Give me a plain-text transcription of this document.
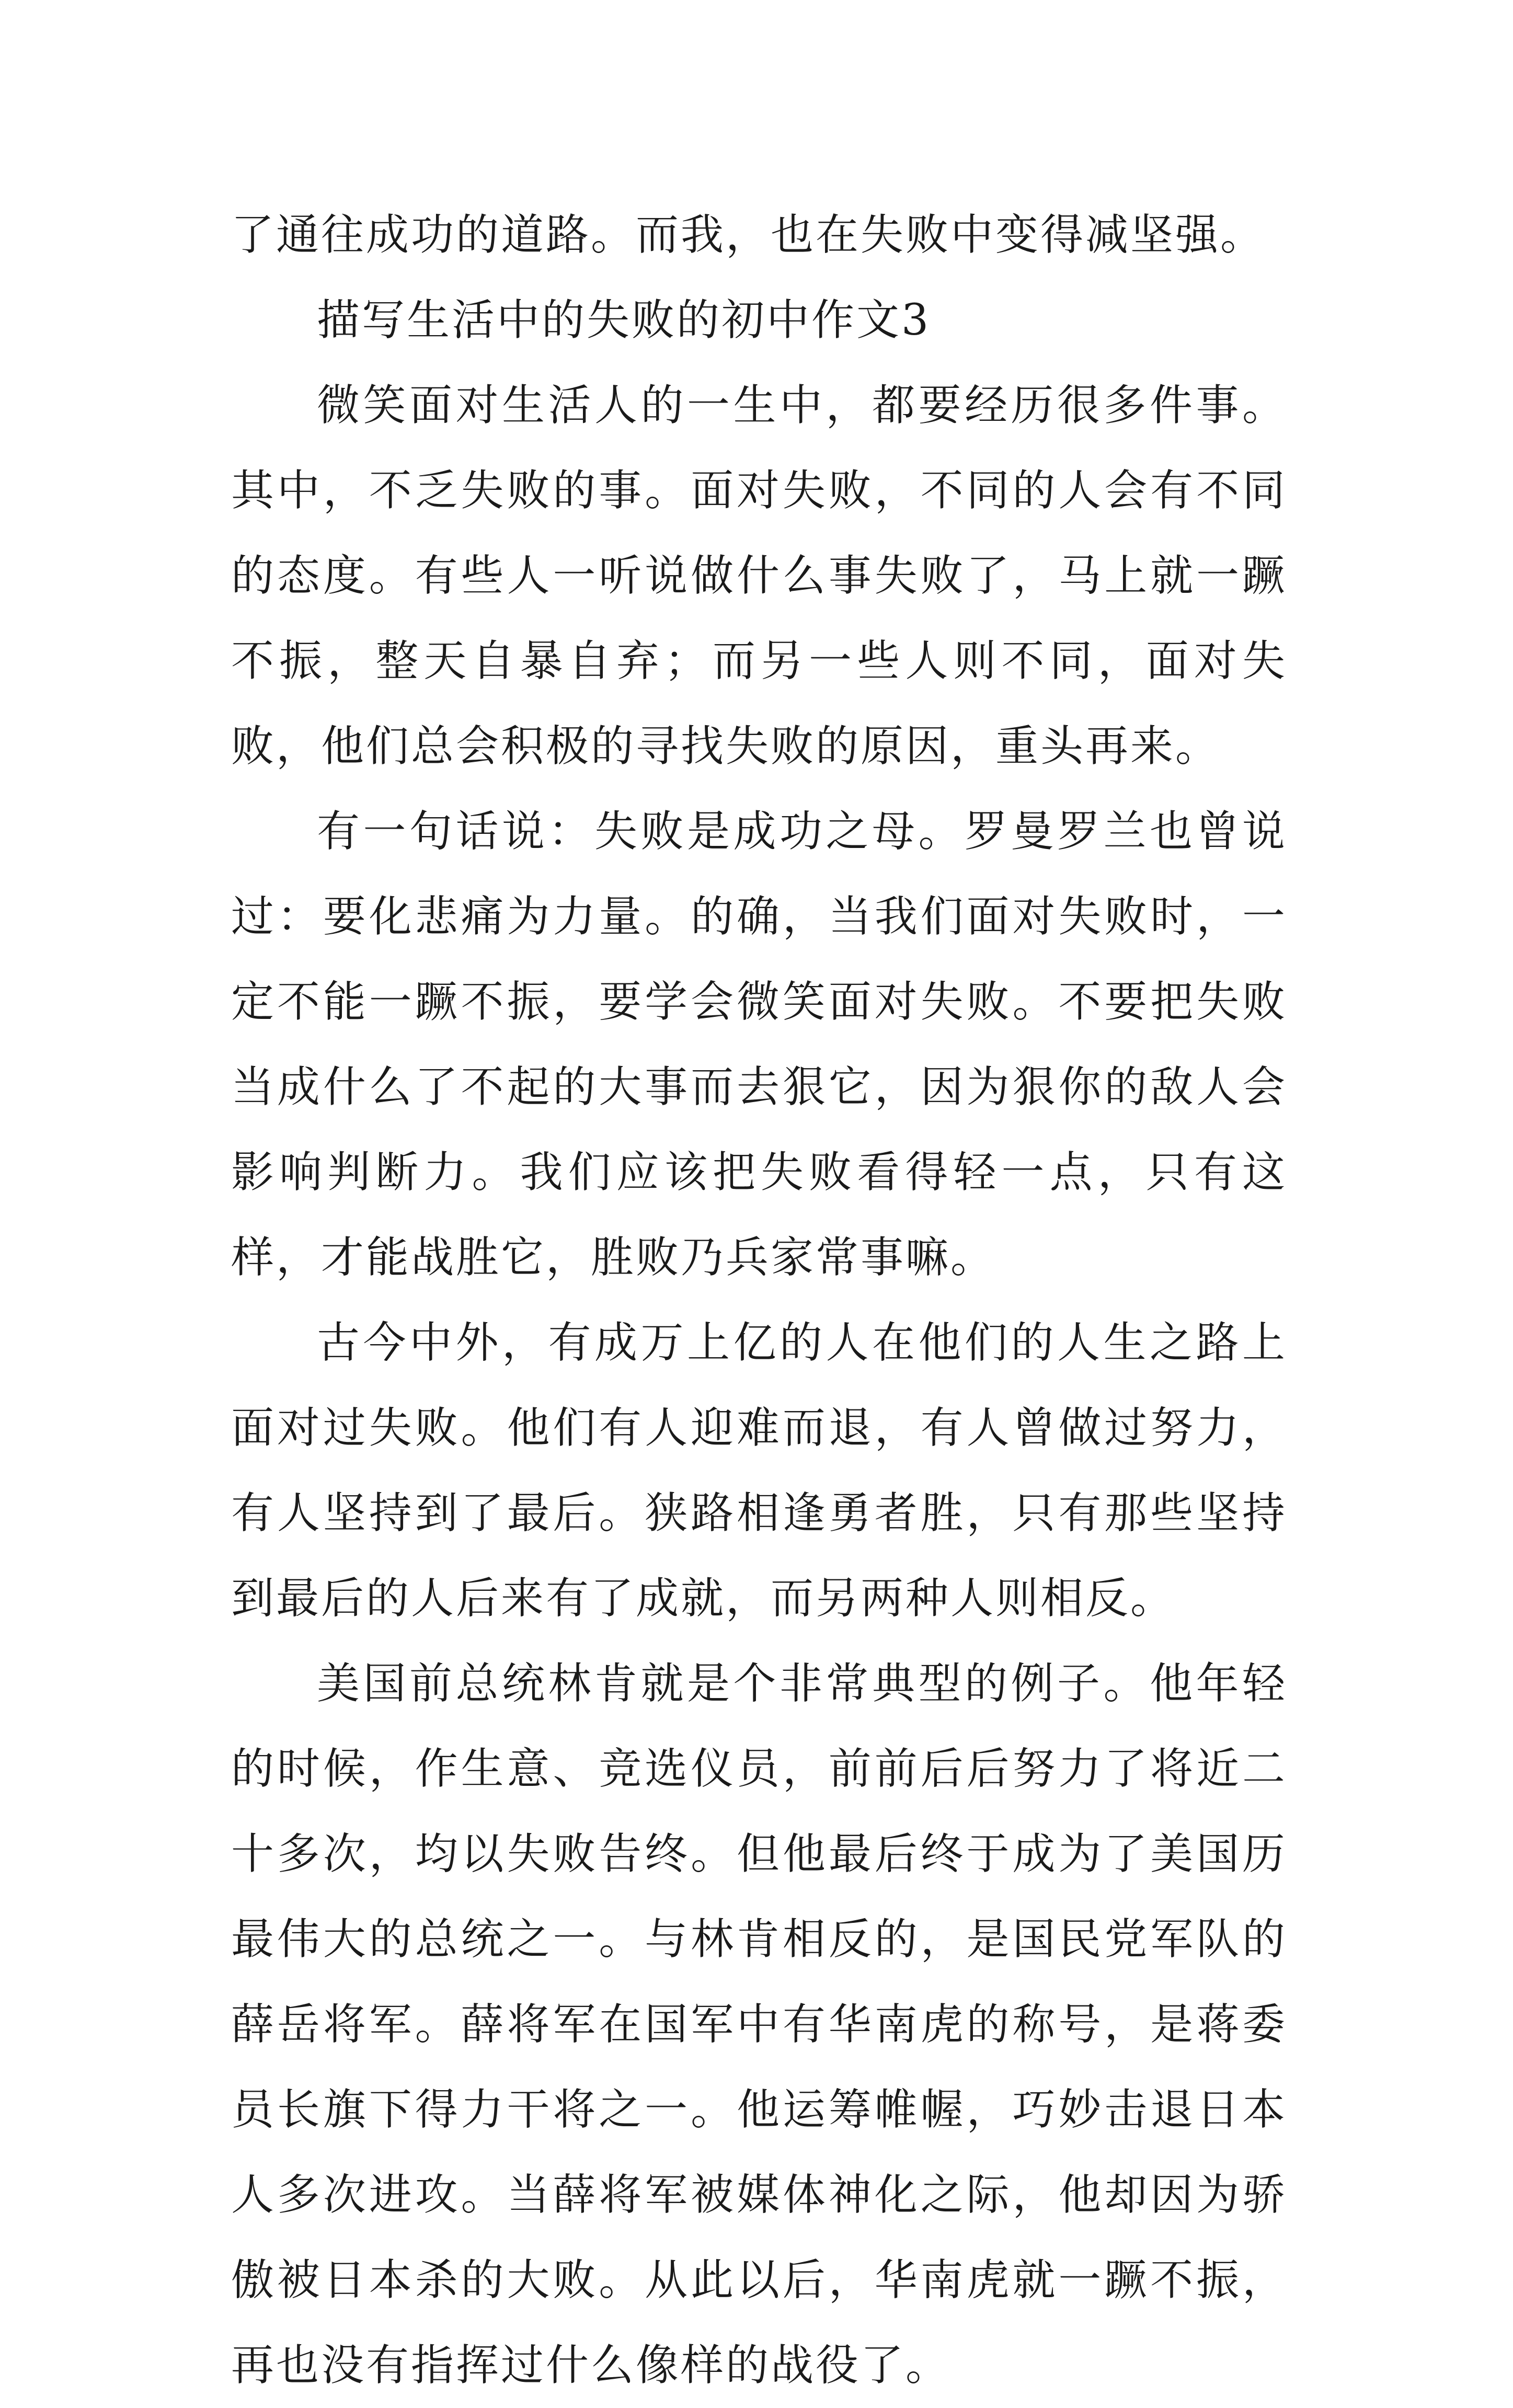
了通往成功的道路。而我，也在失败中变得减坚强。

描写生活中的失败的初中作文3

微笑面对生活人的一生中，都要经历很多件事。其中，不乏失败的事。面对失败，不同的人会有不同的态度。有些人一听说做什么事失败了，马上就一蹶不振，整天自暴自弃；而另一些人则不同，面对失败，他们总会积极的寻找失败的原因，重头再来。

有一句话说：失败是成功之母。罗曼罗兰也曾说过：要化悲痛为力量。的确，当我们面对失败时，一定不能一蹶不振，要学会微笑面对失败。不要把失败当成什么了不起的大事而去狠它，因为狠你的敌人会影响判断力。我们应该把失败看得轻一点，只有这样，才能战胜它，胜败乃兵家常事嘛。

古今中外，有成万上亿的人在他们的人生之路上面对过失败。他们有人迎难而退，有人曾做过努力，有人坚持到了最后。狭路相逢勇者胜，只有那些坚持到最后的人后来有了成就，而另两种人则相反。

美国前总统林肯就是个非常典型的例子。他年轻的时候，作生意、竞选仪员，前前后后努力了将近二十多次，均以失败告终。但他最后终于成为了美国历最伟大的总统之一。与林肯相反的，是国民党军队的薛岳将军。薛将军在国军中有华南虎的称号，是蒋委员长旗下得力干将之一。他运筹帷幄，巧妙击退日本人多次进攻。当薛将军被媒体神化之际，他却因为骄傲被日本杀的大败。从此以后，华南虎就一蹶不振，再也没有指挥过什么像样的战役了。
